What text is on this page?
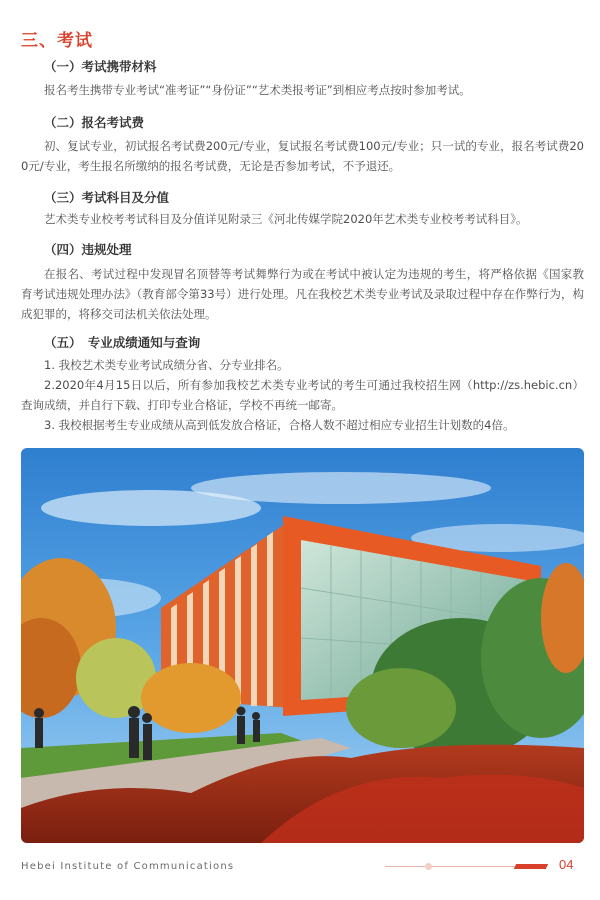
三、考试
（一）考试携带材料
报名考生携带专业考试“准考证”“身份证”“艺术类报考证”到相应考点按时参加考试。
（二）报名考试费
初、复试专业，初试报名考试费200元/专业，复试报名考试费100元/专业；只一试的专业，报名考试费200元/专业，考生报名所缴纳的报名考试费，无论是否参加考试，不予退还。
（三）考试科目及分值
艺术类专业校考考试科目及分值详见附录三《河北传媒学院2020年艺术类专业校考考试科目》。
（四）违规处理
在报名、考试过程中发现冒名顶替等考试舞弊行为或在考试中被认定为违规的考生，将严格依据《国家教育考试违规处理办法》（教育部令第33号）进行处理。凡在我校艺术类专业考试及录取过程中存在作弊行为，构成犯罪的，将移交司法机关依法处理。
（五）　专业成绩通知与查询
1. 我校艺术类专业考试成绩分省、分专业排名。
2.2020年4月15日以后，所有参加我校艺术类专业考试的考生可通过我校招生网（http://zs.hebic.cn）查询成绩，并自行下载、打印专业合格证，学校不再统一邮寄。
3. 我校根据考生专业成绩从高到低发放合格证，合格人数不超过相应专业招生计划数的4倍。
Hebei Institute of Communications	04
